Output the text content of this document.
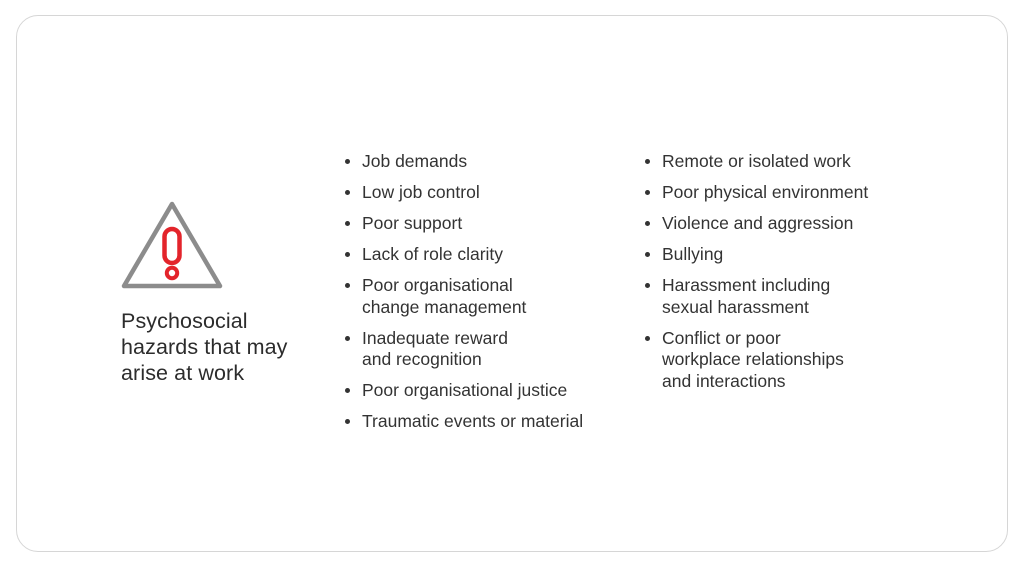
Psychosocial
hazards that may
arise at work
Job demands
Low job control
Poor support
Lack of role clarity
Poor organisational
change management
Inadequate reward
and recognition
Poor organisational justice
Traumatic events or material
Remote or isolated work
Poor physical environment
Violence and aggression
Bullying
Harassment including
sexual harassment
Conflict or poor
workplace relationships
and interactions
